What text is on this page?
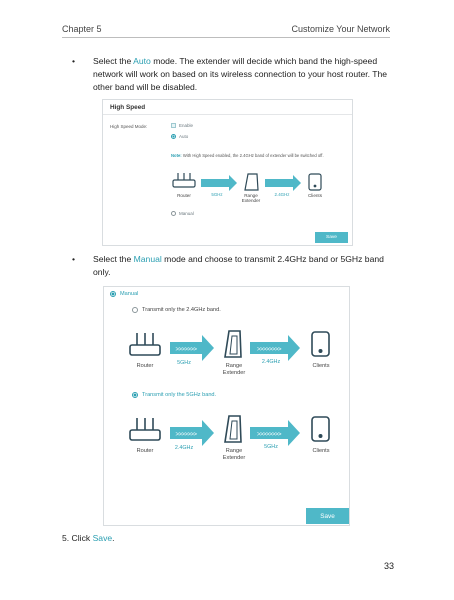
Chapter 5	Customize Your Network
• Select the Auto mode. The extender will decide which band the high-speed
network will work on based on its wireless connection to your host router. The
other band will be disabled.
High Speed
High Speed Mode:	Enable
Auto
Note: With High Speed enabled, the 2.4GHz band of extender will be switched off.
Router	5GHz	Range
Extender
2.4GHz	Clients
Manual
Save
• Select the Manual mode and choose to transmit 2.4GHz band or 5GHz band
only.
Manual
Transmit only the 2.4GHz band.
>>>>>>>	>>>>>>>>
Router	5GHz	Range
Extender
2.4GHz
Clients
Transmit only the 5GHz band.
>>>>>>>	>>>>>>>>
Router	2.4GHz	Range
Extender
5GHz
Clients
Save
5. Click Save.
33
